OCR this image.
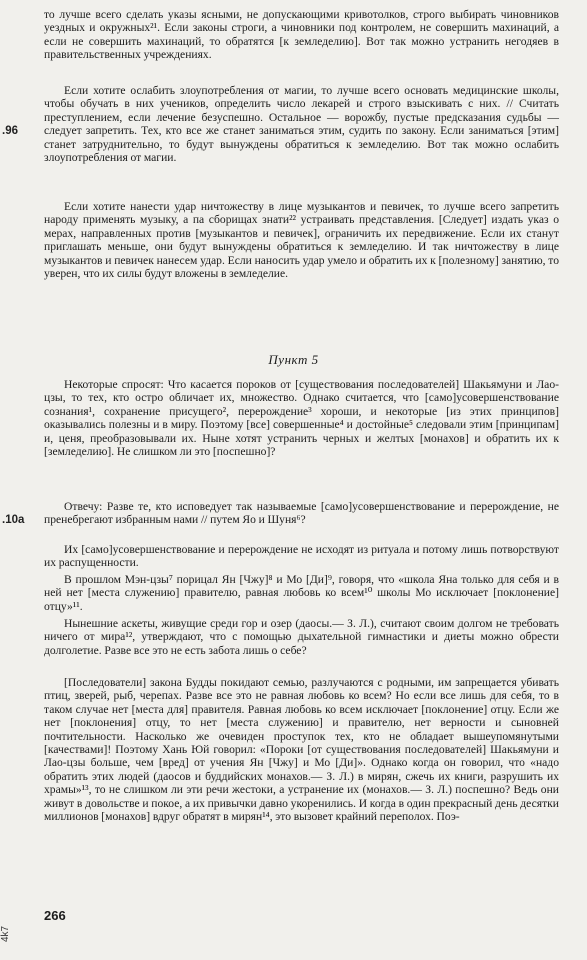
то лучше всего сделать указы ясными, не допускающими кривотолков, строго выбирать чиновников уездных и окружных²¹. Если законы строги, а чиновники под контролем, не совершить махинаций, а если не совершить махинаций, то обратятся [к земледелию]. Вот так можно устранить негодяев в правительственных учреждениях.

Если хотите ослабить злоупотребления от магии, то лучше всего основать медицинские школы, чтобы обучать в них учеников, определить число лекарей и строго взыскивать с них. // Считать преступлением, если лечение безуспешно. Остальное — ворожбу, пустые предсказания судьбы — следует запретить. Тех, кто все же станет заниматься этим, судить по закону. Если заниматься [этим] станет затруднительно, то будут вынуждены обратиться к земледелию. Вот так можно ослабить злоупотребления от магии.

.96

Если хотите нанести удар ничтожеству в лице музыкантов и певичек, то лучше всего запретить народу применять музыку, а па сборищах знати²² устраивать представления. [Следует] издать указ о мерах, направленных против [музыкантов и певичек], ограничить их передвижение. Если их станут приглашать меньше, они будут вынуждены обратиться к земледелию. И так ничтожеству в лице музыкантов и певичек нанесем удар. Если наносить удар умело и обратить их к [полезному] занятию, то уверен, что их силы будут вложены в земледелие.

Пункт 5

Некоторые спросят: Что касается пороков от [существования последователей] Шакьямуни и Лао-цзы, то тех, кто остро обличает их, множество. Однако считается, что [само]усовершенствование сознания¹, сохранение присущего², перерождение³ хороши, и некоторые [из этих принципов] оказывались полезны и в миру. Поэтому [все] совершенные⁴ и достойные⁵ следовали этим [принципам] и, ценя, преобразовывали их. Ныне хотят устранить черных и желтых [монахов] и обратить их к [земледелию]. Не слишком ли это [поспешно]?

Отвечу: Разве те, кто исповедует так называемые [само]усовершенствование и перерождение, не пренебрегают избранным нами // путем Яо и Шуня⁶?

.10a

Их [само]усовершенствование и перерождение не исходят из ритуала и потому лишь потворствуют их распущенности.

В прошлом Мэн-цзы⁷ порицал Ян [Чжу]⁸ и Мо [Ди]⁹, говоря, что «школа Яна только для себя и в ней нет [места служению] правителю, равная любовь ко всем¹⁰ школы Мо исключает [поклонение] отцу»¹¹.

Нынешние аскеты, живущие среди гор и озер (даосы.— З. Л.), считают своим долгом не требовать ничего от мира¹², утверждают, что с помощью дыхательной гимнастики и диеты можно обрести долголетие. Разве все это не есть забота лишь о себе?

[Последователи] закона Будды покидают семью, разлучаются с родными, им запрещается убивать птиц, зверей, рыб, черепах. Разве все это не равная любовь ко всем? Но если все лишь для себя, то в таком случае нет [места для] правителя. Равная любовь ко всем исключает [поклонение] отцу. Если же нет [поклонения] отцу, то нет [места служению] и правителю, нет верности и сыновней почтительности. Насколько же очевиден проступок тех, кто не обладает вышеупомянутыми [качествами]! Поэтому Хань Юй говорил: «Пороки [от существования последователей] Шакьямуни и Лао-цзы больше, чем [вред] от учения Ян [Чжу] и Мо [Ди]». Однако когда он говорил, что «надо обратить этих людей (даосов и буддийских монахов.— З. Л.) в мирян, сжечь их книги, разрушить их храмы»¹³, то не слишком ли эти речи жестоки, а устранение их (монахов.— З. Л.) поспешно? Ведь они живут в довольстве и покое, а их привычки давно укоренились. И когда в один прекрасный день десятки миллионов [монахов] вдруг обратят в мирян¹⁴, это вызовет крайний переполох. Поэ-

266
4k7
